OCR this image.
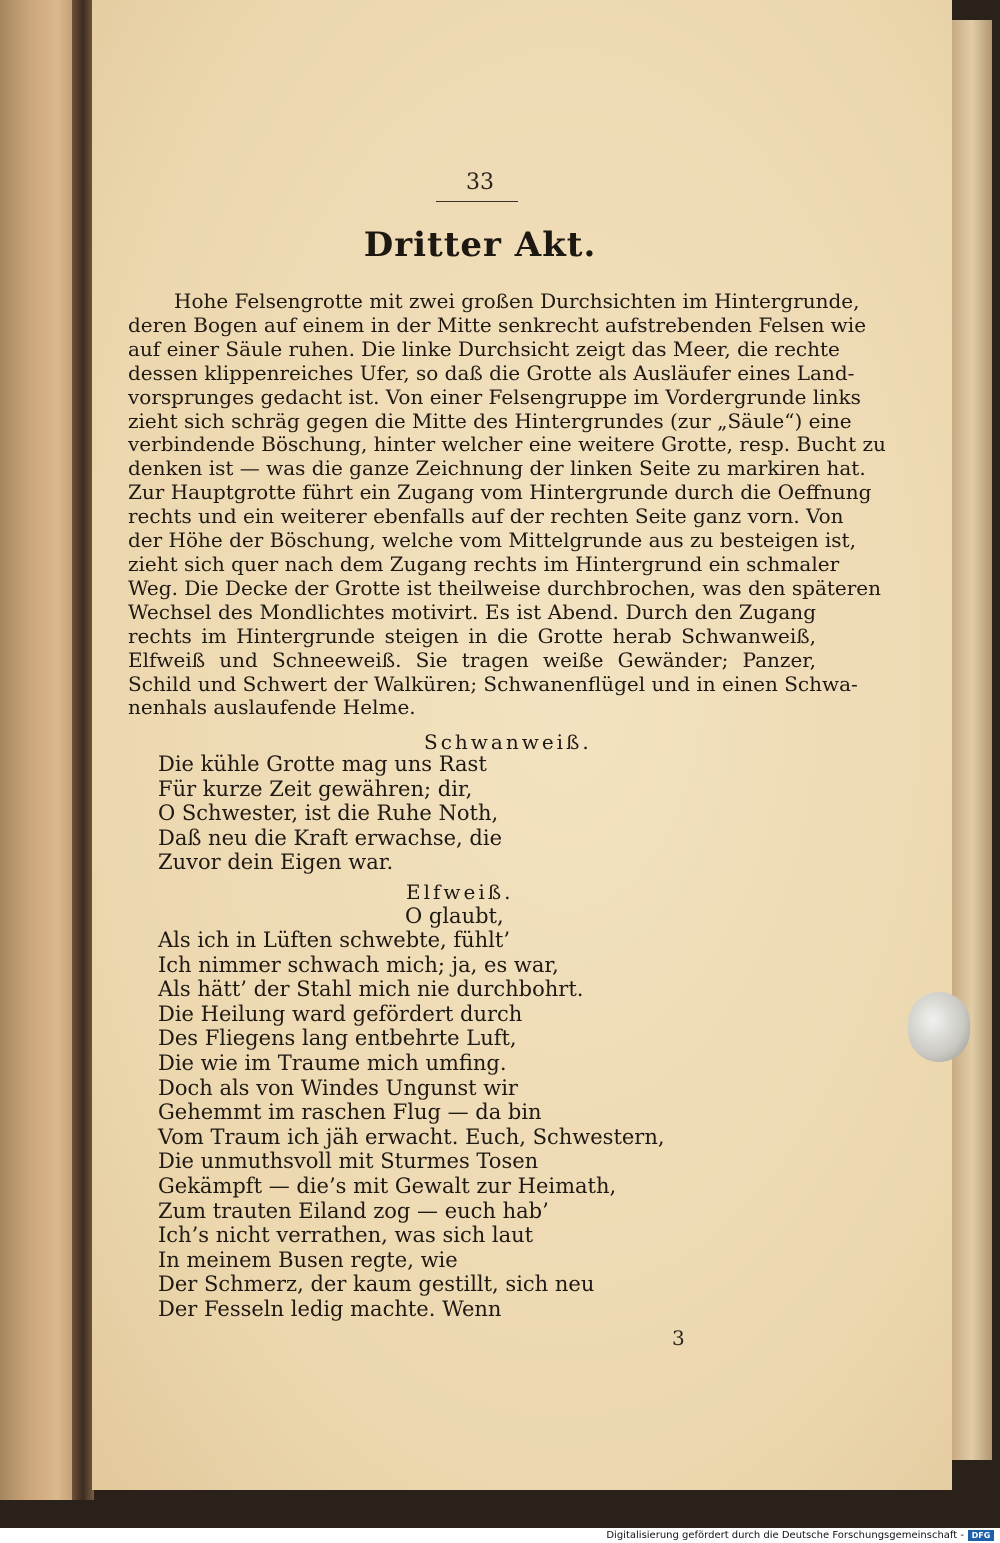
33
Dritter Akt.
Hohe Felsengrotte mit zwei großen Durchsichten im Hintergrunde,
deren Bogen auf einem in der Mitte senkrecht aufstrebenden Felsen wie
auf einer Säule ruhen. Die linke Durchsicht zeigt das Meer, die rechte
dessen klippenreiches Ufer, so daß die Grotte als Ausläufer eines Land-
vorsprunges gedacht ist. Von einer Felsengruppe im Vordergrunde links
zieht sich schräg gegen die Mitte des Hintergrundes (zur „Säule“) eine
verbindende Böschung, hinter welcher eine weitere Grotte, resp. Bucht zu
denken ist — was die ganze Zeichnung der linken Seite zu markiren hat.
Zur Hauptgrotte führt ein Zugang vom Hintergrunde durch die Oeffnung
rechts und ein weiterer ebenfalls auf der rechten Seite ganz vorn. Von
der Höhe der Böschung, welche vom Mittelgrunde aus zu besteigen ist,
zieht sich quer nach dem Zugang rechts im Hintergrund ein schmaler
Weg. Die Decke der Grotte ist theilweise durchbrochen, was den späteren
Wechsel des Mondlichtes motivirt. Es ist Abend. Durch den Zugang
rechts im Hintergrunde steigen in die Grotte herab Schwanweiß,
Elfweiß und Schneeweiß. Sie tragen weiße Gewänder; Panzer,
Schild und Schwert der Walküren; Schwanenflügel und in einen Schwa-
nenhals auslaufende Helme.
Schwanweiß.
Die kühle Grotte mag uns Rast
Für kurze Zeit gewähren; dir,
O Schwester, ist die Ruhe Noth,
Daß neu die Kraft erwachse, die
Zuvor dein Eigen war.
Elfweiß.
O glaubt,
Als ich in Lüften schwebte, fühlt’
Ich nimmer schwach mich; ja, es war,
Als hätt’ der Stahl mich nie durchbohrt.
Die Heilung ward gefördert durch
Des Fliegens lang entbehrte Luft,
Die wie im Traume mich umfing.
Doch als von Windes Ungunst wir
Gehemmt im raschen Flug — da bin
Vom Traum ich jäh erwacht. Euch, Schwestern,
Die unmuthsvoll mit Sturmes Tosen
Gekämpft — die’s mit Gewalt zur Heimath,
Zum trauten Eiland zog — euch hab’
Ich’s nicht verrathen, was sich laut
In meinem Busen regte, wie
Der Schmerz, der kaum gestillt, sich neu
Der Fesseln ledig machte. Wenn
3
Digitalisierung gefördert durch die Deutsche Forschungsgemeinschaft - DFG
